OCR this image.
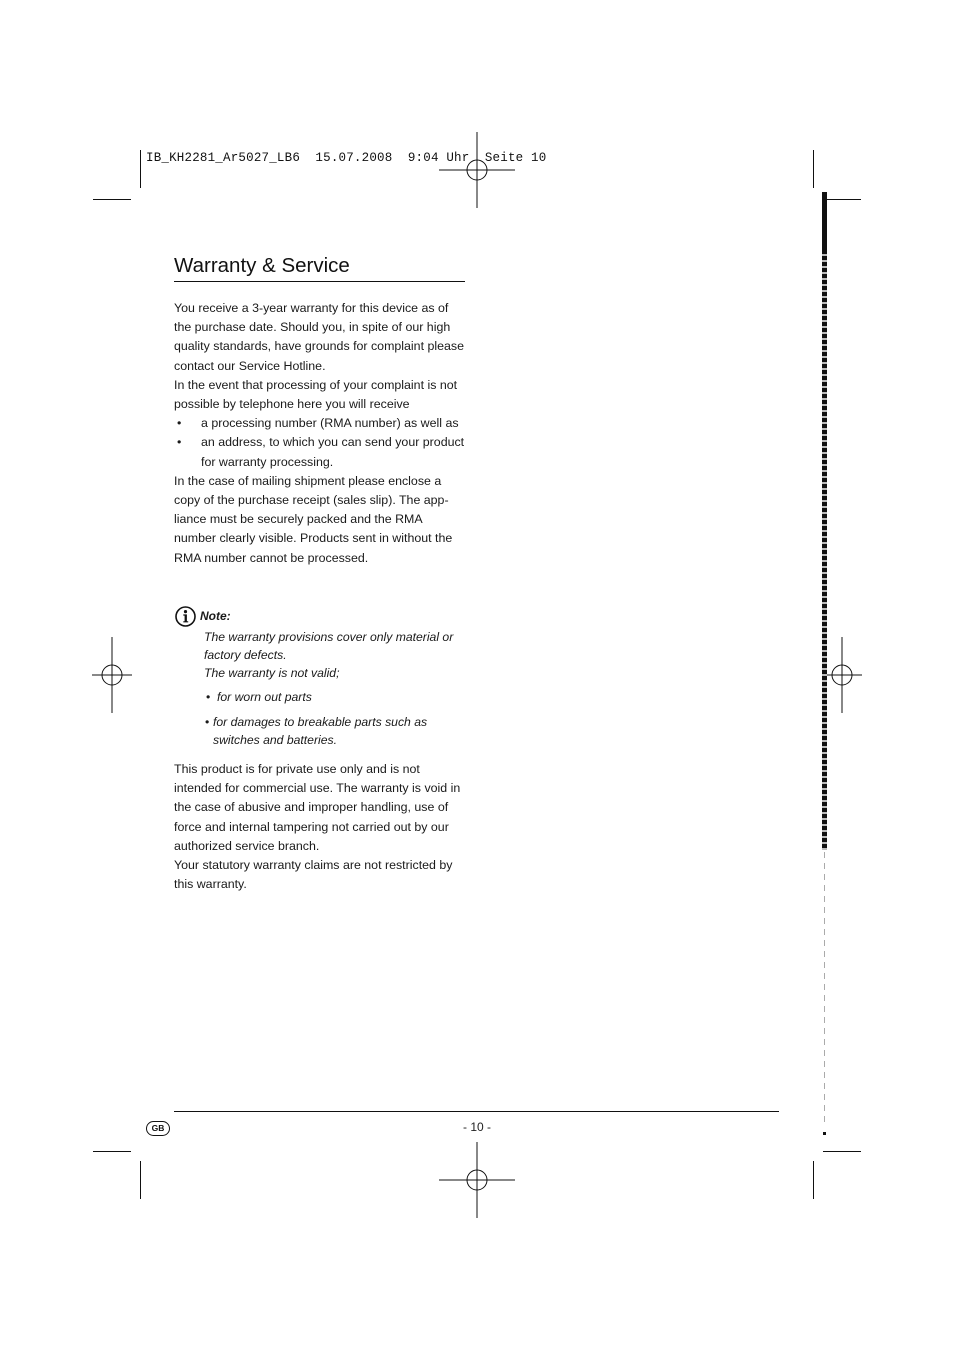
IB_KH2281_Ar5027_LB6  15.07.2008  9:04 Uhr  Seite 10
Warranty & Service

You receive a 3-year warranty for this device as of the purchase date. Should you, in spite of our high quality standards, have grounds for complaint please contact our Service Hotline.

In the event that processing of your complaint is not possible by telephone here you will receive

• a processing number (RMA number) as well as
• an address, to which you can send your product for warranty processing.

In the case of mailing shipment please enclose a copy of the purchase receipt (sales slip). The app-liance must be securely packed and the RMA number clearly visible. Products sent in without the RMA number cannot be processed.

Note:

The warranty provisions cover only material or factory defects.

The warranty is not valid;

• for worn out parts
• for damages to breakable parts such as switches and batteries.

This product is for private use only and is not intended for commercial use. The warranty is void in the case of abusive and improper handling, use of force and internal tampering not carried out by our authorized service branch.

Your statutory warranty claims are not restricted by this warranty.

GB	- 10 -
